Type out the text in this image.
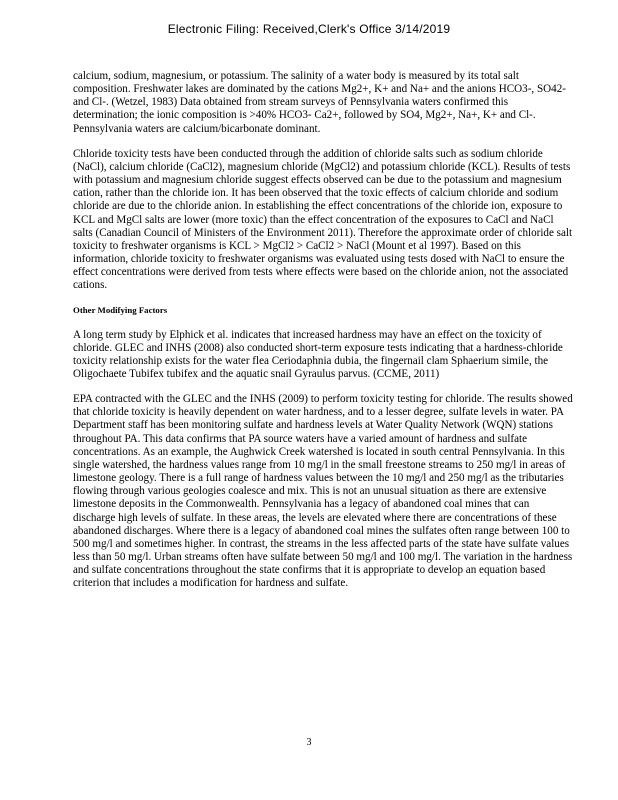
Electronic Filing: Received,Clerk's Office 3/14/2019

calcium, sodium, magnesium, or potassium. The salinity of a water body is measured by its total salt composition. Freshwater lakes are dominated by the cations Mg2+, K+ and Na+ and the anions HCO3-, SO42- and Cl-. (Wetzel, 1983) Data obtained from stream surveys of Pennsylvania waters confirmed this determination; the ionic composition is >40% HCO3- Ca2+, followed by SO4, Mg2+, Na+, K+ and Cl-. Pennsylvania waters are calcium/bicarbonate dominant.

Chloride toxicity tests have been conducted through the addition of chloride salts such as sodium chloride (NaCl), calcium chloride (CaCl2), magnesium chloride (MgCl2) and potassium chloride (KCL). Results of tests with potassium and magnesium chloride suggest effects observed can be due to the potassium and magnesium cation, rather than the chloride ion. It has been observed that the toxic effects of calcium chloride and sodium chloride are due to the chloride anion. In establishing the effect concentrations of the chloride ion, exposure to KCL and MgCl salts are lower (more toxic) than the effect concentration of the exposures to CaCl and NaCl salts (Canadian Council of Ministers of the Environment 2011). Therefore the approximate order of chloride salt toxicity to freshwater organisms is KCL > MgCl2 > CaCl2 > NaCl (Mount et al 1997). Based on this information, chloride toxicity to freshwater organisms was evaluated using tests dosed with NaCl to ensure the effect concentrations were derived from tests where effects were based on the chloride anion, not the associated cations.

Other Modifying Factors

A long term study by Elphick et al. indicates that increased hardness may have an effect on the toxicity of chloride. GLEC and INHS (2008) also conducted short-term exposure tests indicating that a hardness-chloride toxicity relationship exists for the water flea Ceriodaphnia dubia, the fingernail clam Sphaerium simile, the Oligochaete Tubifex tubifex and the aquatic snail Gyraulus parvus. (CCME, 2011)

EPA contracted with the GLEC and the INHS (2009) to perform toxicity testing for chloride. The results showed that chloride toxicity is heavily dependent on water hardness, and to a lesser degree, sulfate levels in water. PA Department staff has been monitoring sulfate and hardness levels at Water Quality Network (WQN) stations throughout PA. This data confirms that PA source waters have a varied amount of hardness and sulfate concentrations. As an example, the Aughwick Creek watershed is located in south central Pennsylvania. In this single watershed, the hardness values range from 10 mg/l in the small freestone streams to 250 mg/l in areas of limestone geology. There is a full range of hardness values between the 10 mg/l and 250 mg/l as the tributaries flowing through various geologies coalesce and mix. This is not an unusual situation as there are extensive limestone deposits in the Commonwealth. Pennsylvania has a legacy of abandoned coal mines that can discharge high levels of sulfate. In these areas, the levels are elevated where there are concentrations of these abandoned discharges. Where there is a legacy of abandoned coal mines the sulfates often range between 100 to 500 mg/l and sometimes higher. In contrast, the streams in the less affected parts of the state have sulfate values less than 50 mg/l. Urban streams often have sulfate between 50 mg/l and 100 mg/l. The variation in the hardness and sulfate concentrations throughout the state confirms that it is appropriate to develop an equation based criterion that includes a modification for hardness and sulfate.

3
